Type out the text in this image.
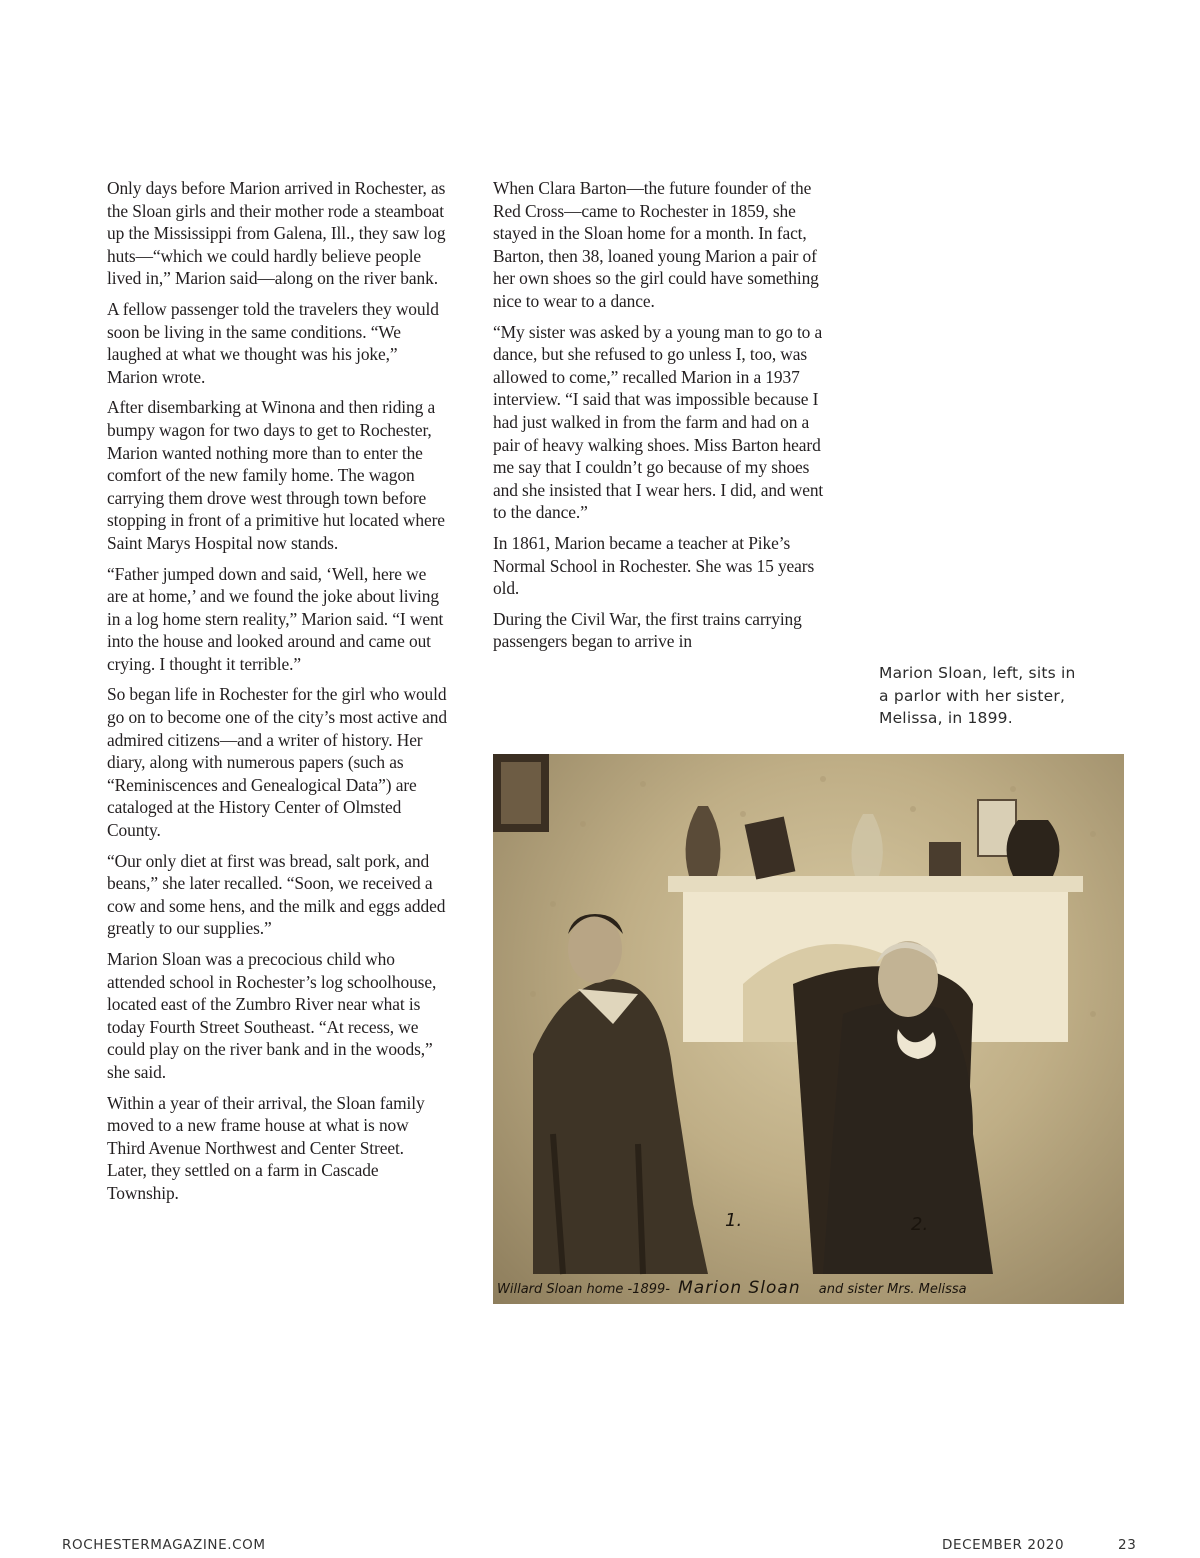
Only days before Marion arrived in Rochester, as the Sloan girls and their mother rode a steamboat up the Mississippi from Galena, Ill., they saw log huts—“which we could hardly believe people lived in,” Marion said—along on the river bank.

A fellow passenger told the travelers they would soon be living in the same conditions. “We laughed at what we thought was his joke,” Marion wrote.

After disembarking at Winona and then riding a bumpy wagon for two days to get to Rochester, Marion wanted nothing more than to enter the comfort of the new family home. The wagon carrying them drove west through town before stopping in front of a primitive hut located where Saint Marys Hospital now stands.

“Father jumped down and said, ‘Well, here we are at home,’ and we found the joke about living in a log home stern reality,” Marion said. “I went into the house and looked around and came out crying. I thought it terrible.”

So began life in Rochester for the girl who would go on to become one of the city’s most active and admired citizens—and a writer of history. Her diary, along with numerous papers (such as “Reminiscences and Genealogical Data”) are cataloged at the History Center of Olmsted County.

“Our only diet at first was bread, salt pork, and beans,” she later recalled. “Soon, we received a cow and some hens, and the milk and eggs added greatly to our supplies.”

Marion Sloan was a precocious child who attended school in Rochester’s log schoolhouse, located east of the Zumbro River near what is today Fourth Street Southeast. “At recess, we could play on the river bank and in the woods,” she said.

Within a year of their arrival, the Sloan family moved to a new frame house at what is now Third Avenue Northwest and Center Street. Later, they settled on a farm in Cascade Township.

When Clara Barton—the future founder of the Red Cross—came to Rochester in 1859, she stayed in the Sloan home for a month. In fact, Barton, then 38, loaned young Marion a pair of her own shoes so the girl could have something nice to wear to a dance.

“My sister was asked by a young man to go to a dance, but she refused to go unless I, too, was allowed to come,” recalled Marion in a 1937 interview. “I said that was impossible because I had just walked in from the farm and had on a pair of heavy walking shoes. Miss Barton heard me say that I couldn’t go because of my shoes and she insisted that I wear hers. I did, and went to the dance.”

In 1861, Marion became a teacher at Pike’s Normal School in Rochester. She was 15 years old.

During the Civil War, the first trains carrying passengers began to arrive in

Marion Sloan, left, sits in a parlor with her sister, Melissa, in 1899.
1.	2.
Willard Sloan home -1899- Marion Sloan and sister Mrs. Melissa
ROCHESTERMAGAZINE.COM	DECEMBER 2020	23
